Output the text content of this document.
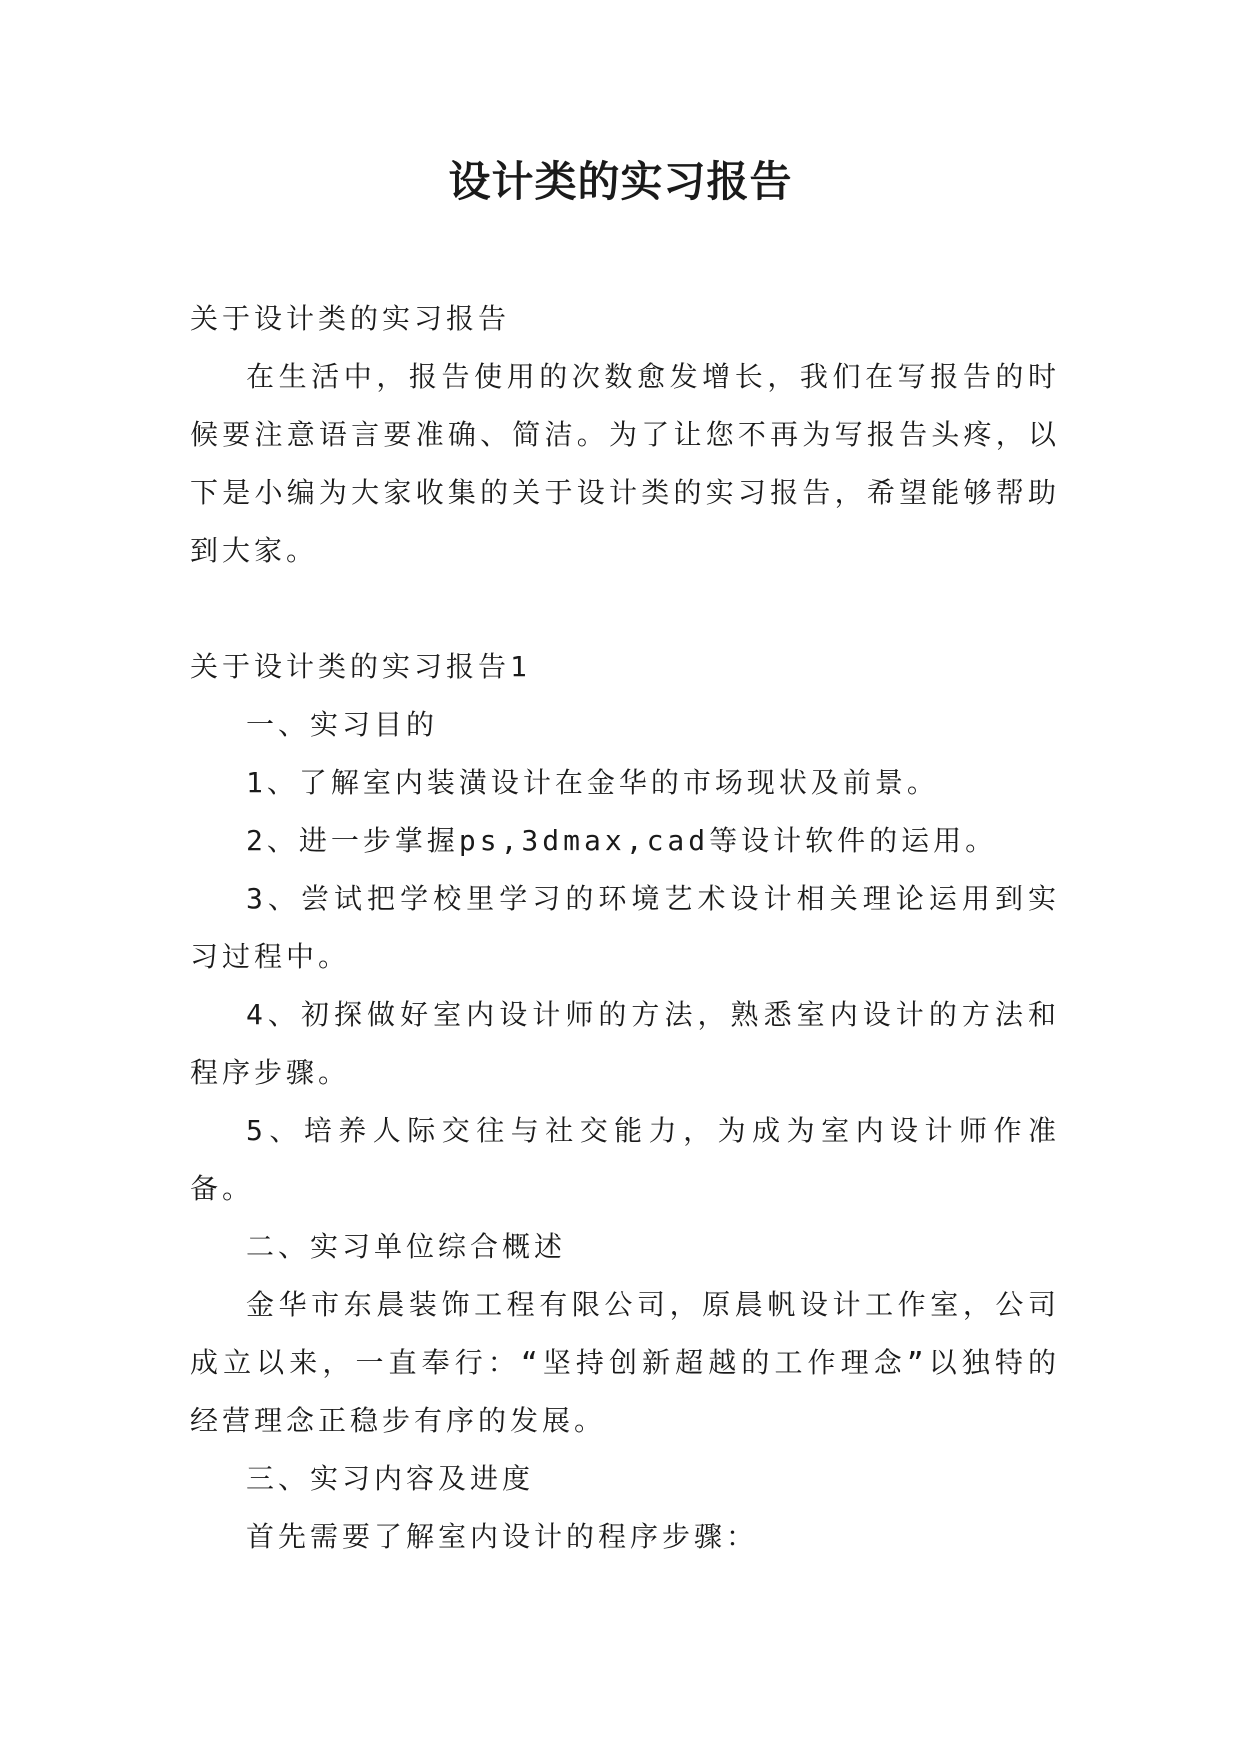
设计类的实习报告

关于设计类的实习报告

在生活中，报告使用的次数愈发增长，我们在写报告的时候要注意语言要准确、简洁。为了让您不再为写报告头疼，以下是小编为大家收集的关于设计类的实习报告，希望能够帮助到大家。

关于设计类的实习报告1

一、实习目的

1、了解室内装潢设计在金华的市场现状及前景。

2、进一步掌握ps,3dmax,cad等设计软件的运用。

3、尝试把学校里学习的环境艺术设计相关理论运用到实习过程中。

4、初探做好室内设计师的方法，熟悉室内设计的方法和程序步骤。

5、培养人际交往与社交能力，为成为室内设计师作准备。

二、实习单位综合概述

金华市东晨装饰工程有限公司，原晨帆设计工作室，公司成立以来，一直奉行：“坚持创新超越的工作理念”以独特的经营理念正稳步有序的发展。

三、实习内容及进度

首先需要了解室内设计的程序步骤：
